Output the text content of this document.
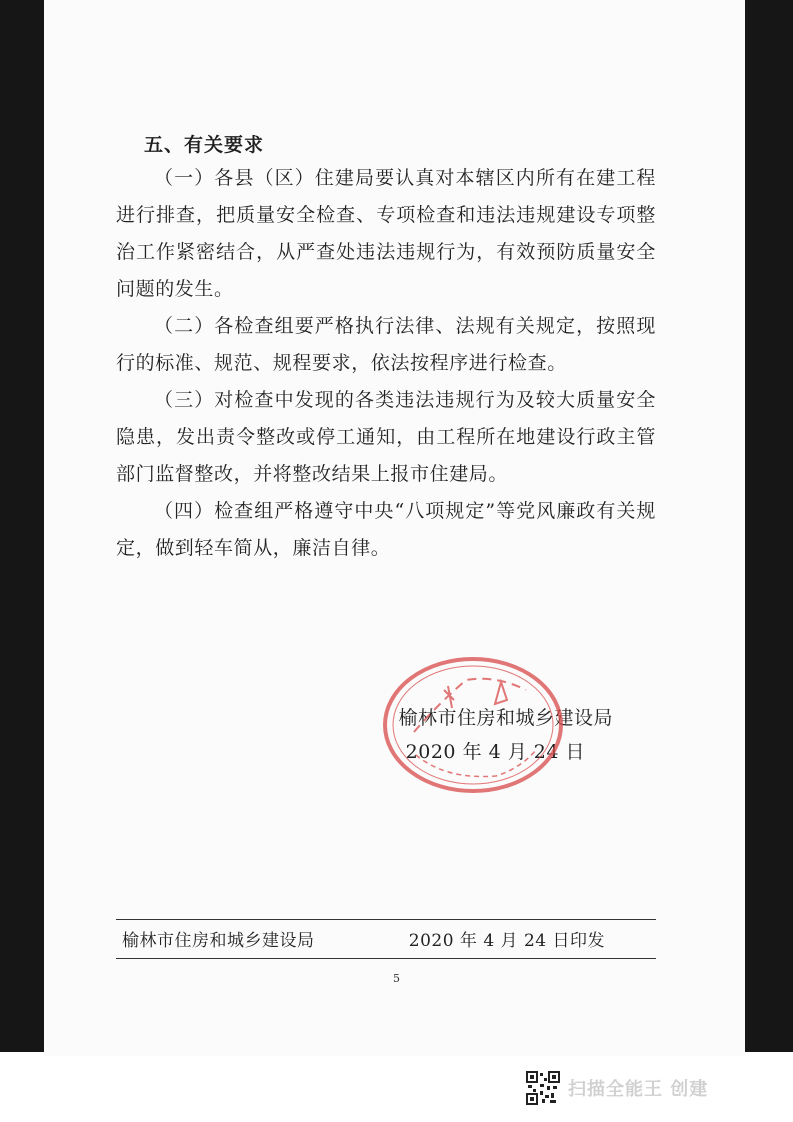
五、有关要求

（一）各县（区）住建局要认真对本辖区内所有在建工程进行排查，把质量安全检查、专项检查和违法违规建设专项整治工作紧密结合，从严查处违法违规行为，有效预防质量安全问题的发生。

（二）各检查组要严格执行法律、法规有关规定，按照现行的标准、规范、规程要求，依法按程序进行检查。

（三）对检查中发现的各类违法违规行为及较大质量安全隐患，发出责令整改或停工通知，由工程所在地建设行政主管部门监督整改，并将整改结果上报市住建局。

（四）检查组严格遵守中央“八项规定”等党风廉政有关规定，做到轻车简从，廉洁自律。

榆林市住房和城乡建设局

2020 年 4 月 24 日

榆林市住房和城乡建设局	2020 年 4 月 24 日印发

5

扫描全能王 创建
